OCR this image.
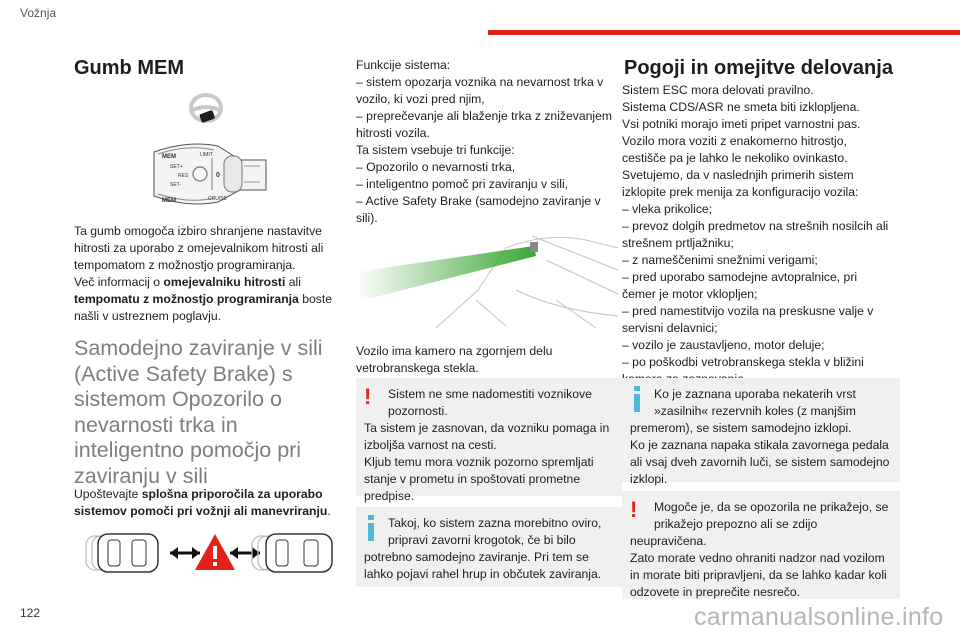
Vožnja
122	carmanualsonline.info
Gumb MEM
MEM
MEM
SET+
SET-
RES	0
LIMIT
CRUISE

Ta gumb omogoča izbiro shranjene nastavitve hitrosti za uporabo z omejevalnikom hitrosti ali tempomatom z možnostjo programiranja.

Več informacij o omejevalniku hitrosti ali tempomatu z možnostjo programiranja boste našli v ustreznem poglavju.

Samodejno zaviranje v sili (Active Safety Brake) s sistemom Opozorilo o nevarnosti trka in inteligentno pomočjo pri zaviranju v sili

Upoštevajte splošna priporočila za uporabo sistemov pomoči pri vožnji ali manevriranju.

Funkcije sistema:
– sistem opozarja voznika na nevarnost trka v vozilo, ki vozi pred njim,
– preprečevanje ali blaženje trka z zniževanjem hitrosti vozila.
Ta sistem vsebuje tri funkcije:
– Opozorilo o nevarnosti trka,
– inteligentno pomoč pri zaviranju v sili,
– Active Safety Brake (samodejno zaviranje v sili).

Vozilo ima kamero na zgornjem delu vetrobranskega stekla.

!	Sistem ne sme nadomestiti voznikove pozornosti.

Ta sistem je zasnovan, da vozniku pomaga in izboljša varnost na cesti.
Kljub temu mora voznik pozorno spremljati stanje v prometu in spoštovati prometne predpise.

Takoj, ko sistem zazna morebitno oviro, pripravi zavorni krogotok, če bi bilo

potrebno samodejno zaviranje. Pri tem se lahko pojavi rahel hrup in občutek zaviranja.

Pogoji in omejitve delovanja

Sistem ESC mora delovati pravilno.
Sistema CDS/ASR ne smeta biti izklopljena.
Vsi potniki morajo imeti pripet varnostni pas.
Vozilo mora voziti z enakomerno hitrostjo, cestišče pa je lahko le nekoliko ovinkasto.
Svetujemo, da v naslednjih primerih sistem izklopite prek menija za konfiguracijo vozila:
– vleka prikolice;
– prevoz dolgih predmetov na strešnih nosilcih ali strešnem prtljažniku;
– z nameščenimi snežnimi verigami;
– pred uporabo samodejne avtopralnice, pri čemer je motor vklopljen;
– pred namestitvijo vozila na preskusne valje v servisni delavnici;
– vozilo je zaustavljeno, motor deluje;
– po poškodbi vetrobranskega stekla v bližini

Ko je zaznana uporaba nekaterih vrst »zasilnih« rezervnih koles (z manjšim

premerom), se sistem samodejno izklopi.
Ko je zaznana napaka stikala zavornega pedala ali vsaj dveh zavornih luči, se sistem samodejno izklopi.

!	Mogoče je, da se opozorila ne prikažejo, se prikažejo prepozno ali se zdijo

neupravičena.
Zato morate vedno ohraniti nadzor nad vozilom in morate biti pripravljeni, da se lahko kadar koli odzovete in preprečite nesrečo.
